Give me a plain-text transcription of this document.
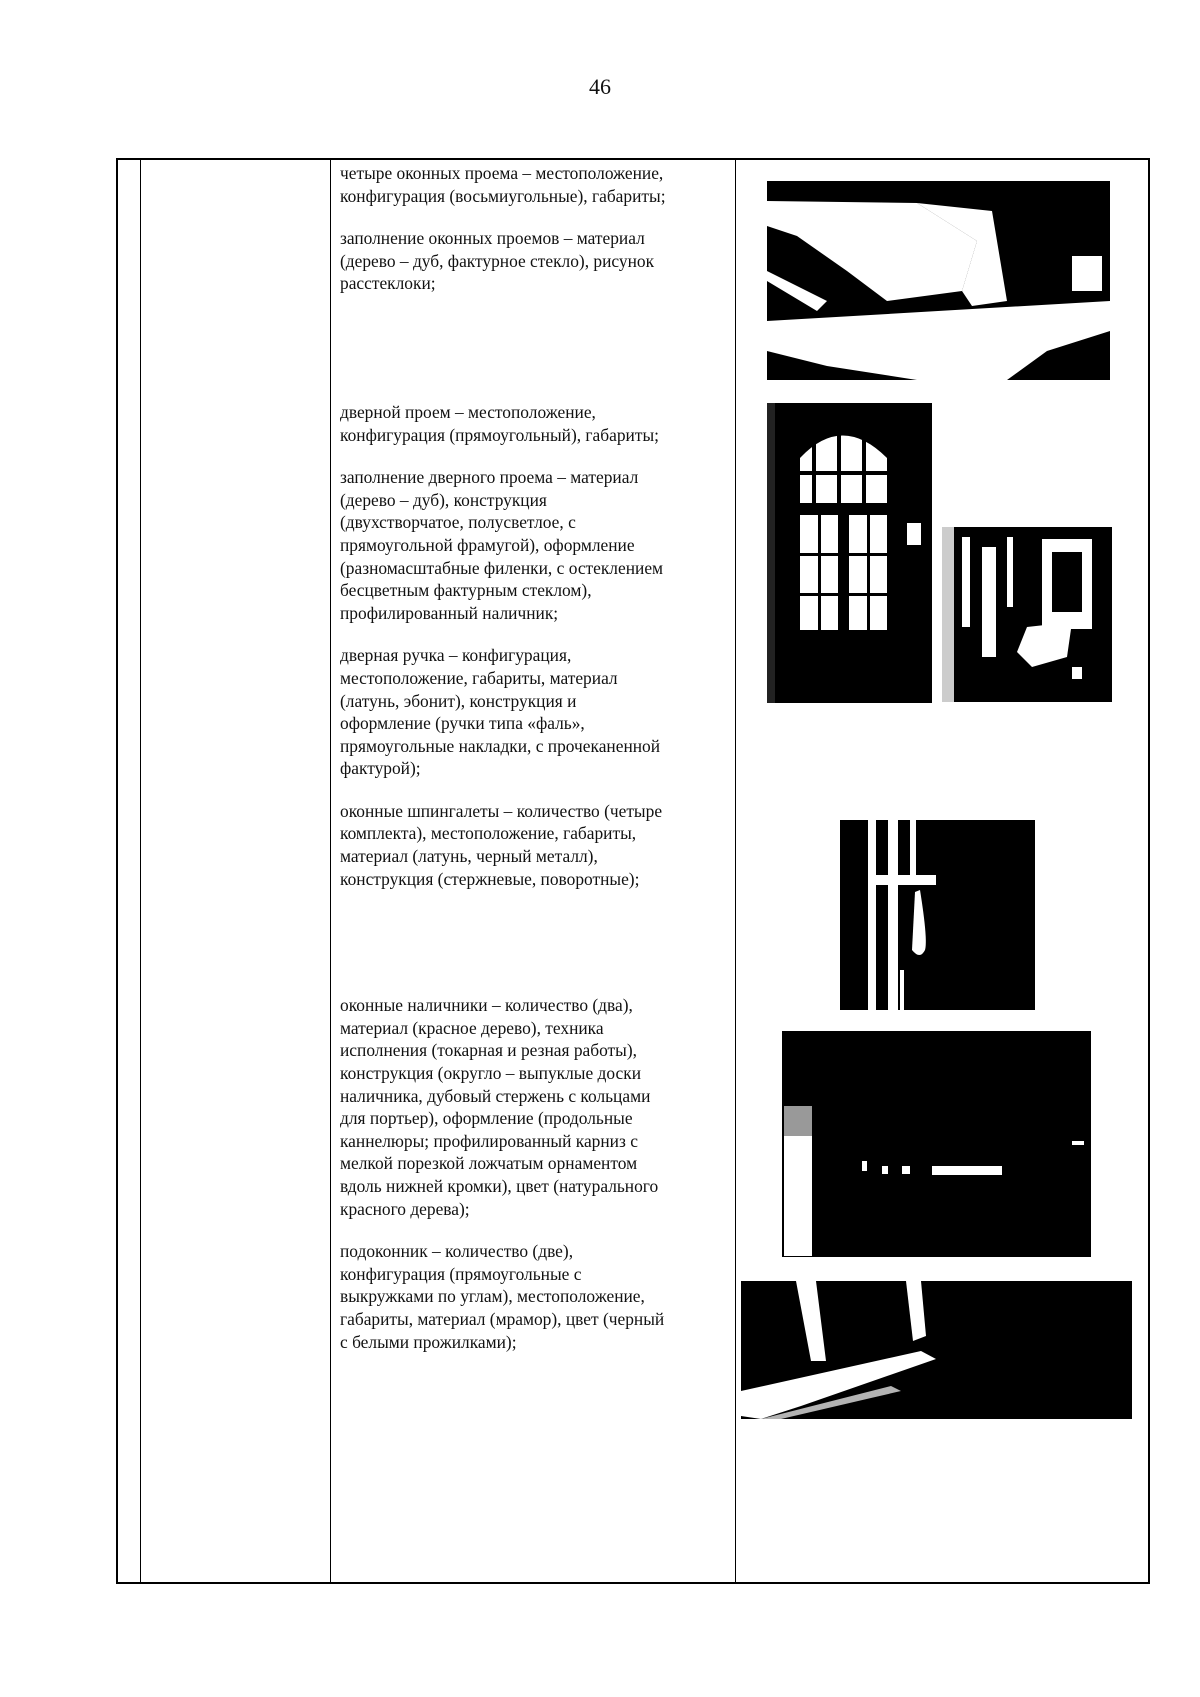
46

четыре оконных проема – местоположение,

конфигурация (восьмиугольные), габариты;

заполнение оконных проемов – материал

(дерево – дуб, фактурное стекло), рисунок

расстеклоки;

дверной проем – местоположение,

конфигурация (прямоугольный), габариты;

заполнение дверного проема – материал

(дерево – дуб), конструкция

(двухстворчатое, полусветлое, с

прямоугольной фрамугой), оформление

(разномасштабные филенки, с остеклением

бесцветным фактурным стеклом),

профилированный наличник;

дверная ручка – конфигурация,

местоположение, габариты, материал

(латунь, эбонит), конструкция и

оформление (ручки типа «фаль»,

прямоугольные накладки, с прочеканенной

фактурой);

оконные шпингалеты – количество (четыре

комплекта), местоположение, габариты,

материал (латунь, черный металл),

конструкция (стержневые, поворотные);

оконные наличники – количество (два),

материал (красное дерево), техника

исполнения (токарная и резная работы),

конструкция (округло – выпуклые доски

наличника, дубовый стержень с кольцами

для портьер), оформление (продольные

каннелюры; профилированный карниз с

мелкой порезкой ложчатым орнаментом

вдоль нижней кромки), цвет (натурального

красного дерева);

подоконник – количество (две),

конфигурация (прямоугольные с

выкружками по углам), местоположение,

габариты, материал (мрамор), цвет (черный

с белыми прожилками);
